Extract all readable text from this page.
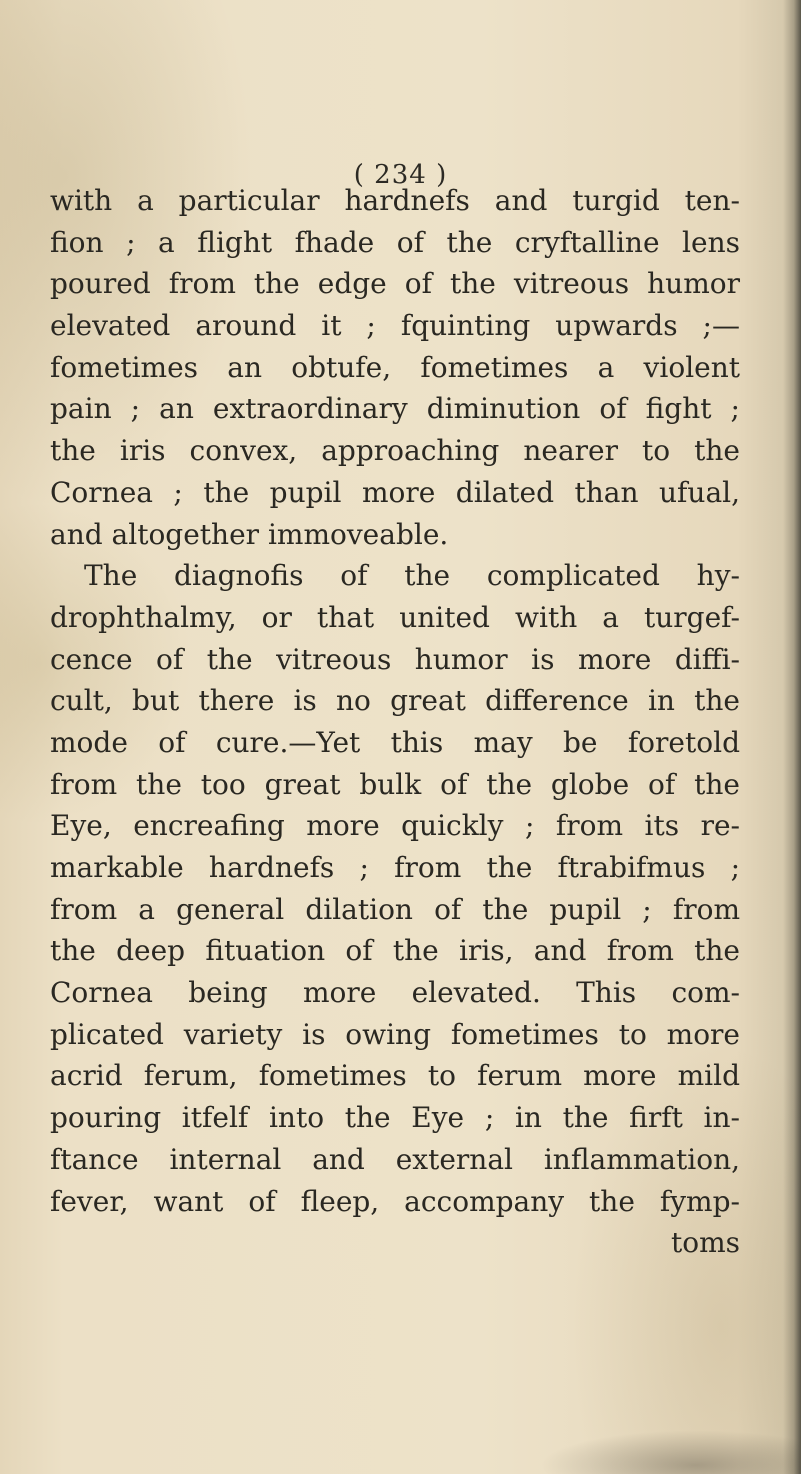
( 234 )
with a particular hardnefs and turgid ten-
fion ; a flight fhade of the cryftalline lens
poured from the edge of the vitreous humor
elevated around it ; fquinting upwards ;—
fometimes an obtufe, fometimes a violent
pain ; an extraordinary diminution of fight ;
the iris convex, approaching nearer to the
Cornea ; the pupil more dilated than ufual,
and altogether immoveable.
The diagnofis of the complicated hy-
drophthalmy, or that united with a turgef-
cence of the vitreous humor is more diffi-
cult, but there is no great difference in the
mode of cure.—Yet this may be foretold
from the too great bulk of the globe of the
Eye, encreafing more quickly ; from its re-
markable hardnefs ; from the ftrabifmus ;
from a general dilation of the pupil ; from
the deep fituation of the iris, and from the
Cornea being more elevated. This com-
plicated variety is owing fometimes to more
acrid ferum, fometimes to ferum more mild
pouring itfelf into the Eye ; in the firft in-
ftance internal and external inflammation,
fever, want of fleep, accompany the fymp-
toms
